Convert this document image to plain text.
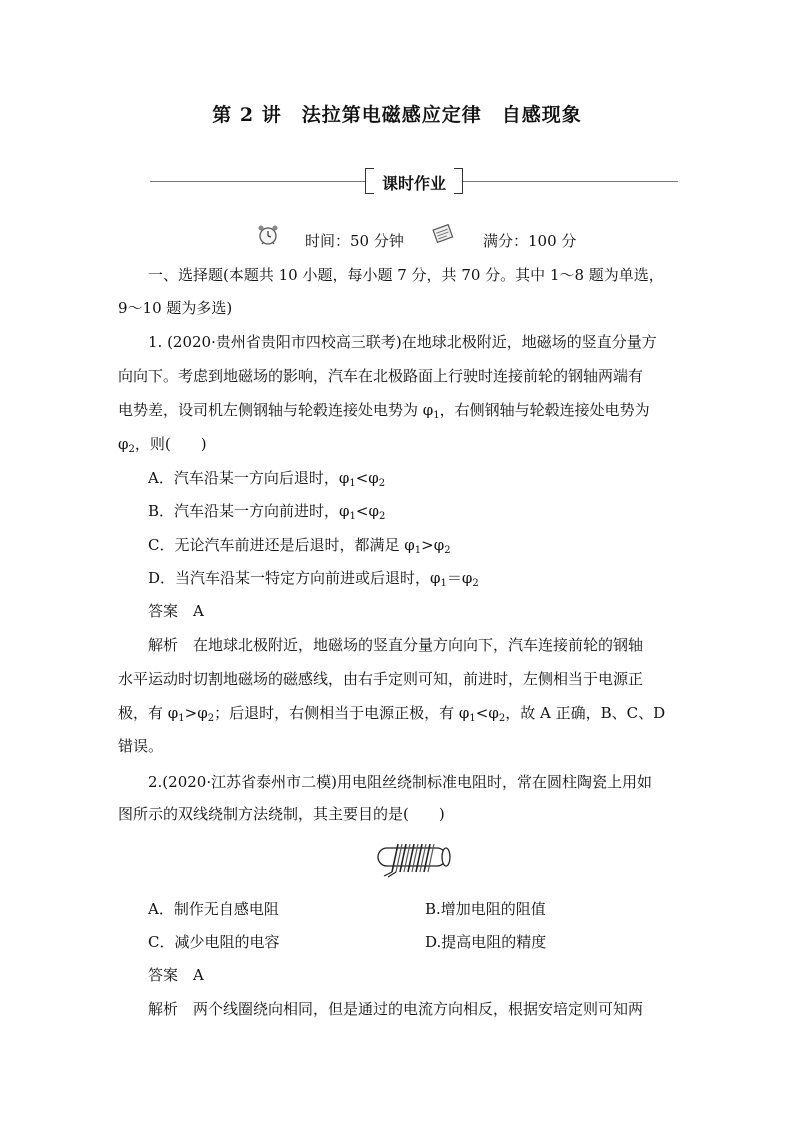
第 2 讲　法拉第电磁感应定律　自感现象
课时作业
时间：50 分钟	满分：100 分
一、选择题(本题共 10 小题，每小题 7 分，共 70 分。其中 1～8 题为单选，
9～10 题为多选)
1. (2020·贵州省贵阳市四校高三联考)在地球北极附近，地磁场的竖直分量方
向向下。考虑到地磁场的影响，汽车在北极路面上行驶时连接前轮的钢轴两端有
电势差，设司机左侧钢轴与轮毂连接处电势为 $\varphi_1$，右侧钢轴与轮毂连接处电势为
$\varphi_2$，则(　　)
A．汽车沿某一方向后退时，$\varphi_1<\varphi_2$
B．汽车沿某一方向前进时，$\varphi_1<\varphi_2$
C．无论汽车前进还是后退时，都满足 $\varphi_1>\varphi_2$
D．当汽车沿某一特定方向前进或后退时，$\varphi_1=\varphi_2$
答案　 A
解析　 在地球北极附近，地磁场的竖直分量方向向下，汽车连接前轮的钢轴
水平运动时切割地磁场的磁感线，由右手定则可知，前进时，左侧相当于电源正
极，有 $\varphi_1>\varphi_2$；后退时，右侧相当于电源正极，有 $\varphi_1<\varphi_2$，故 A 正确，B、C、D
错误。
2.(2020·江苏省泰州市二模)用电阻丝绕制标准电阻时，常在圆柱陶瓷上用如
图所示的双线绕制方法绕制，其主要目的是(　　)
A．制作无自感电阻	B.增加电阻的阻值
C．减少电阻的电容	D.提高电阻的精度
答案　 A
解析　 两个线圈绕向相同，但是通过的电流方向相反，根据安培定则可知两
